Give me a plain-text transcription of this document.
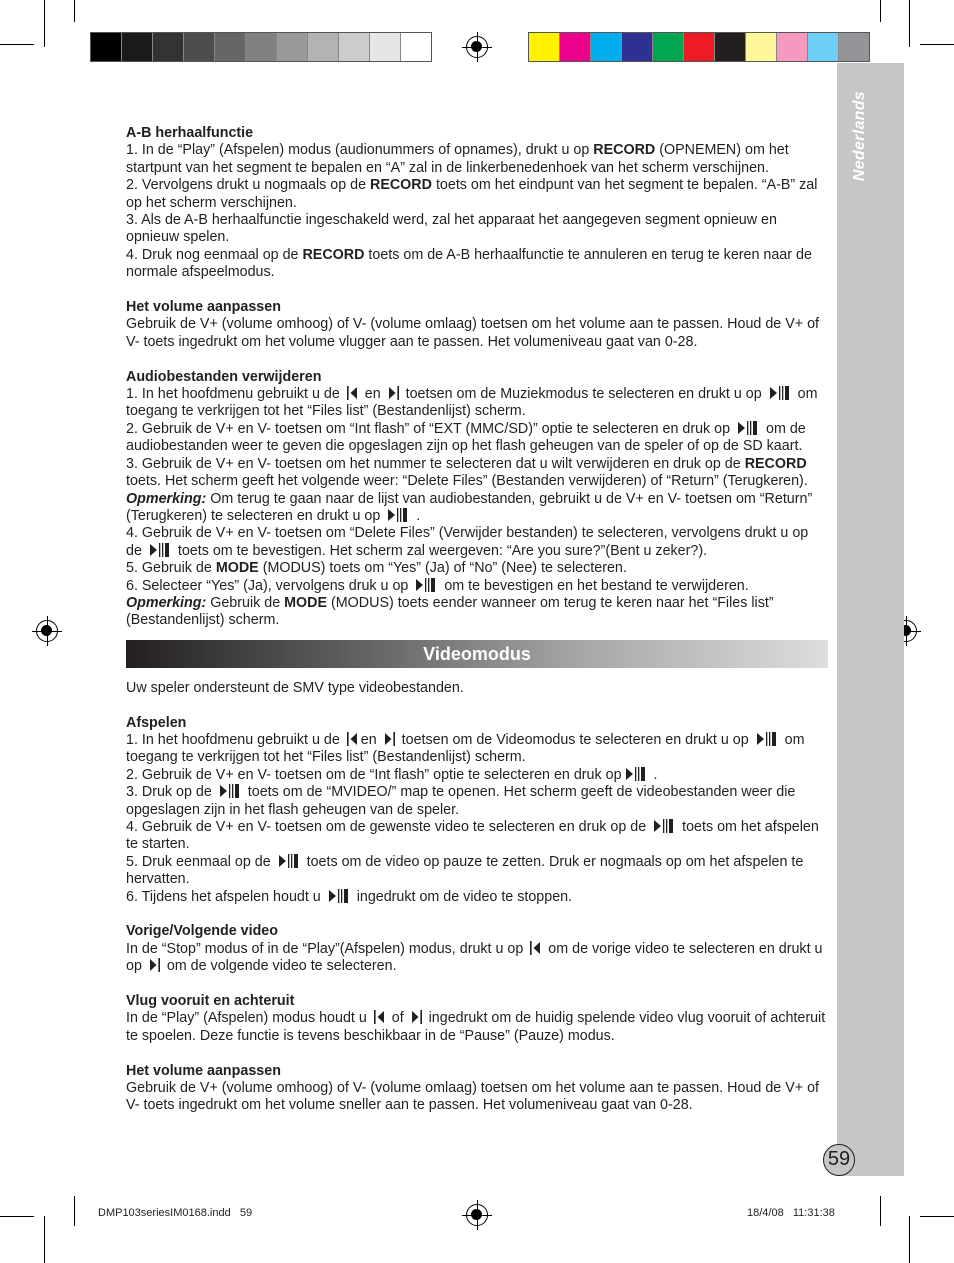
Nederlands
59

A-B herhaalfunctie

1. In de “Play” (Afspelen) modus (audionummers of opnames), drukt u op RECORD (OPNEMEN) om het startpunt van het segment te bepalen en “A” zal in de linkerbenedenhoek van het scherm verschijnen.

2. Vervolgens drukt u nogmaals op de RECORD toets om het eindpunt van het segment te bepalen. “A-B” zal op het scherm verschijnen.

3. Als de A-B herhaalfunctie ingeschakeld werd, zal het apparaat het aangegeven segment opnieuw en opnieuw spelen.

4. Druk nog eenmaal op de RECORD toets om de A-B herhaalfunctie te annuleren en terug te keren naar de normale afspeelmodus.

Het volume aanpassen

Gebruik de V+ (volume omhoog) of V- (volume omlaag) toetsen om het volume aan te passen. Houd de V+ of V- toets ingedrukt om het volume vlugger aan te passen. Het volumeniveau gaat van 0-28.

Audiobestanden verwijderen

1. In het hoofdmenu gebruikt u de
en
toetsen om de Muziekmodus te selecteren en drukt u op
om toegang te verkrijgen tot het “Files list” (Bestandenlijst) scherm.

2. Gebruik de V+ en V- toetsen om “Int flash” of “EXT (MMC/SD)” optie te selecteren en druk op
om de audiobestanden weer te geven die opgeslagen zijn op het flash geheugen van de speler of op de SD kaart.

3. Gebruik de V+ en V- toetsen om het nummer te selecteren dat u wilt verwijderen en druk op de RECORD toets. Het scherm geeft het volgende weer: “Delete Files” (Bestanden verwijderen) of “Return” (Terugkeren).

Opmerking: Om terug te gaan naar de lijst van audiobestanden, gebruikt u de V+ en V- toetsen om “Return” (Terugkeren) te selecteren en drukt u op
.

4. Gebruik de V+ en V- toetsen om “Delete Files” (Verwijder bestanden) te selecteren, vervolgens drukt u op de
toets om te bevestigen. Het scherm zal weergeven: “Are you sure?”(Bent u zeker?).

5. Gebruik de MODE (MODUS) toets om “Yes” (Ja) of “No” (Nee) te selecteren.

6. Selecteer “Yes” (Ja), vervolgens druk u op
om te bevestigen en het bestand te verwijderen.

Opmerking: Gebruik de MODE (MODUS) toets eender wanneer om terug te keren naar het “Files list” (Bestandenlijst) scherm.

Videomodus

Uw speler ondersteunt de SMV type videobestanden.

Afspelen

1. In het hoofdmenu gebruikt u de
en
toetsen om de Videomodus te selecteren en drukt u op
om toegang te verkrijgen tot het “Files list” (Bestandenlijst) scherm.

2. Gebruik de V+ en V- toetsen om de “Int flash” optie te selecteren en druk op
.

3. Druk op de
toets om de “MVIDEO/” map te openen. Het scherm geeft de videobestanden weer die opgeslagen zijn in het flash geheugen van de speler.

4. Gebruik de V+ en V- toetsen om de gewenste video te selecteren en druk op de
toets om het afspelen te starten.

5. Druk eenmaal op de
toets om de video op pauze te zetten. Druk er nogmaals op om het afspelen te hervatten.

6. Tijdens het afspelen houdt u
ingedrukt om de video te stoppen.

Vorige/Volgende video

In de “Stop” modus of in de “Play”(Afspelen) modus, drukt u op
om de vorige video te selecteren en drukt u op
om de volgende video te selecteren.

Vlug vooruit en achteruit

In de “Play” (Afspelen) modus houdt u
of
ingedrukt om de huidig spelende video vlug vooruit of achteruit te spoelen. Deze functie is tevens beschikbaar in de “Pause” (Pauze) modus.

Het volume aanpassen

Gebruik de V+ (volume omhoog) of V- (volume omlaag) toetsen om het volume aan te passen. Houd de V+ of V- toets ingedrukt om het volume sneller aan te passen. Het volumeniveau gaat van 0-28.

DMP103seriesIM0168.indd   59	18/4/08   11:31:38
